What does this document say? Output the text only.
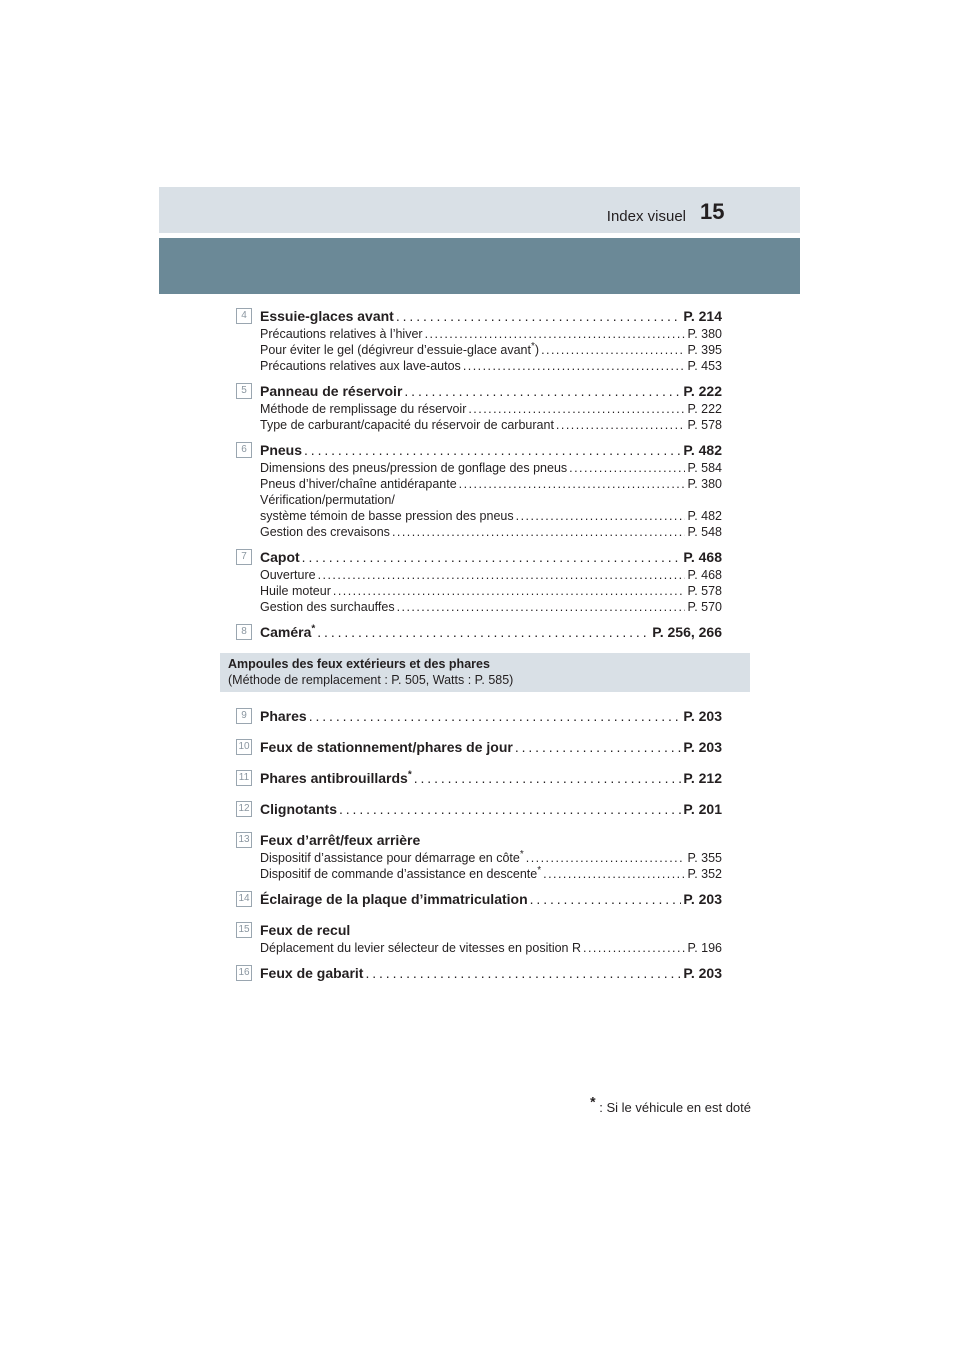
Index visuel 15
4 Essuie-glaces avant . . .	P. 214
Précautions relatives à l’hiver . . .	P. 380
Pour éviter le gel (dégivreur d’essuie-glace avant*) . . .	P. 395
Précautions relatives aux lave-autos . . .	P. 453
5 Panneau de réservoir . . .	P. 222
Méthode de remplissage du réservoir . . .	P. 222
Type de carburant/capacité du réservoir de carburant . . .	P. 578
6 Pneus . . .	P. 482
Dimensions des pneus/pression de gonflage des pneus . . .	P. 584
Pneus d’hiver/chaîne antidérapante . . .	P. 380
Vérification/permutation/
système témoin de basse pression des pneus . . .	P. 482
Gestion des crevaisons . . .	P. 548
7 Capot . . .	P. 468
Ouverture . . .	P. 468
Huile moteur . . .	P. 578
Gestion des surchauffes . . .	P. 570
8 Caméra* . . .	P. 256, 266
Ampoules des feux extérieurs et des phares
(Méthode de remplacement : P. 505, Watts : P. 585)
9 Phares . . .	P. 203
10 Feux de stationnement/phares de jour . . .	P. 203
11 Phares antibrouillards* . . .	P. 212
12 Clignotants . . .	P. 201
13 Feux d’arrêt/feux arrière
Dispositif d’assistance pour démarrage en côte* . . .	P. 355
Dispositif de commande d’assistance en descente* . . .	P. 352
14 Éclairage de la plaque d’immatriculation . . .	P. 203
15 Feux de recul
Déplacement du levier sélecteur de vitesses en position R . . .	P. 196
16 Feux de gabarit . . .	P. 203
* : Si le véhicule en est doté
